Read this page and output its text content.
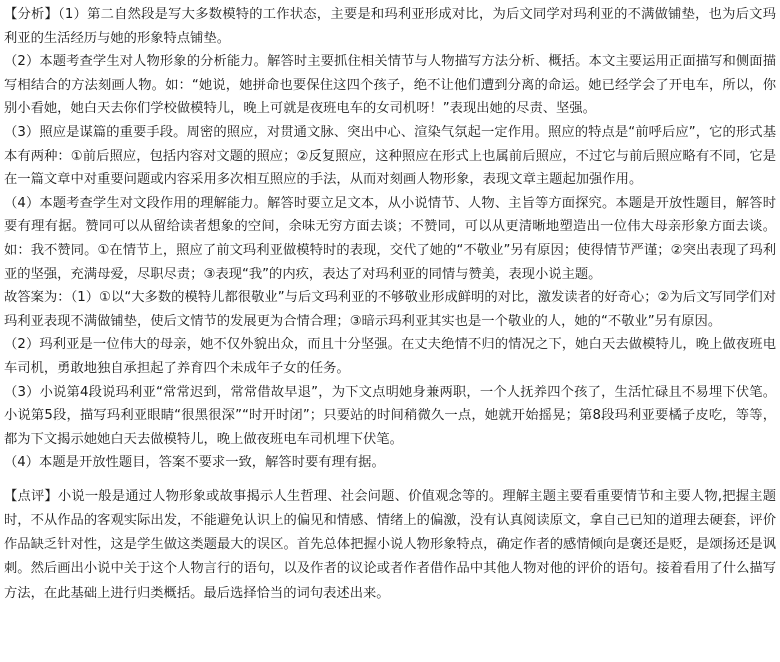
【分析】（1）第二自然段是写大多数模特的工作状态，主要是和玛利亚形成对比，为后文同学对玛利亚的不满做铺垫，也为后文玛利亚的生活经历与她的形象特点铺垫。

（2）本题考查学生对人物形象的分析能力。解答时主要抓住相关情节与人物描写方法分析、概括。本文主要运用正面描写和侧面描写相结合的方法刻画人物。如：“她说，她拼命也要保住这四个孩子，绝不让他们遭到分离的命运。她已经学会了开电车，所以，你别小看她，她白天去你们学校做模特儿，晚上可就是夜班电车的女司机呀！”表现出她的尽责、坚强。

（3）照应是谋篇的重要手段。周密的照应，对贯通文脉、突出中心、渲染气氛起一定作用。照应的特点是“前呼后应”，它的形式基本有两种：①前后照应，包括内容对文题的照应；②反复照应，这种照应在形式上也属前后照应，不过它与前后照应略有不同，它是在一篇文章中对重要问题或内容采用多次相互照应的手法，从而对刻画人物形象，表现文章主题起加强作用。

（4）本题考查学生对文段作用的理解能力。解答时要立足文本，从小说情节、人物、主旨等方面探究。本题是开放性题目，解答时要有理有据。赞同可以从留给读者想象的空间，余味无穷方面去谈；不赞同，可以从更清晰地塑造出一位伟大母亲形象方面去谈。如：我不赞同。①在情节上，照应了前文玛利亚做模特时的表现，交代了她的“不敬业”另有原因；使得情节严谨；②突出表现了玛利亚的坚强，充满母爱，尽职尽责；③表现“我”的内疚，表达了对玛利亚的同情与赞美，表现小说主题。

故答案为：（1）①以“大多数的模特儿都很敬业”与后文玛利亚的不够敬业形成鲜明的对比，激发读者的好奇心；②为后文写同学们对玛利亚表现不满做铺垫，使后文情节的发展更为合情合理；③暗示玛利亚其实也是一个敬业的人，她的“不敬业”另有原因。

（2）玛利亚是一位伟大的母亲，她不仅外貌出众，而且十分坚强。在丈夫绝情不归的情况之下，她白天去做模特儿，晚上做夜班电车司机，勇敢地独自承担起了养育四个未成年子女的任务。

（3）小说第4段说玛利亚“常常迟到，常常借故早退”，为下文点明她身兼两职，一个人抚养四个孩了，生活忙碌且不易埋下伏笔。小说第5段，描写玛利亚眼睛“很黑很深”“时开时闭”；只要站的时间稍微久一点，她就开始摇晃；第8段玛利亚要橘子皮吃，等等，都为下文揭示她她白天去做模特儿，晚上做夜班电车司机埋下伏笔。

（4）本题是开放性题目，答案不要求一致，解答时要有理有据。

【点评】小说一般是通过人物形象或故事揭示人生哲理、社会问题、价值观念等的。理解主题主要看重要情节和主要人物,把握主题时，不从作品的客观实际出发，不能避免认识上的偏见和情感、情绪上的偏激，没有认真阅读原文，拿自己已知的道理去硬套，评价作品缺乏针对性，这是学生做这类题最大的误区。首先总体把握小说人物形象特点，确定作者的感情倾向是褒还是贬，是颂扬还是讽刺。然后画出小说中关于这个人物言行的语句，以及作者的议论或者作者借作品中其他人物对他的评价的语句。接着看用了什么描写方法，在此基础上进行归类概括。最后选择恰当的词句表述出来。
